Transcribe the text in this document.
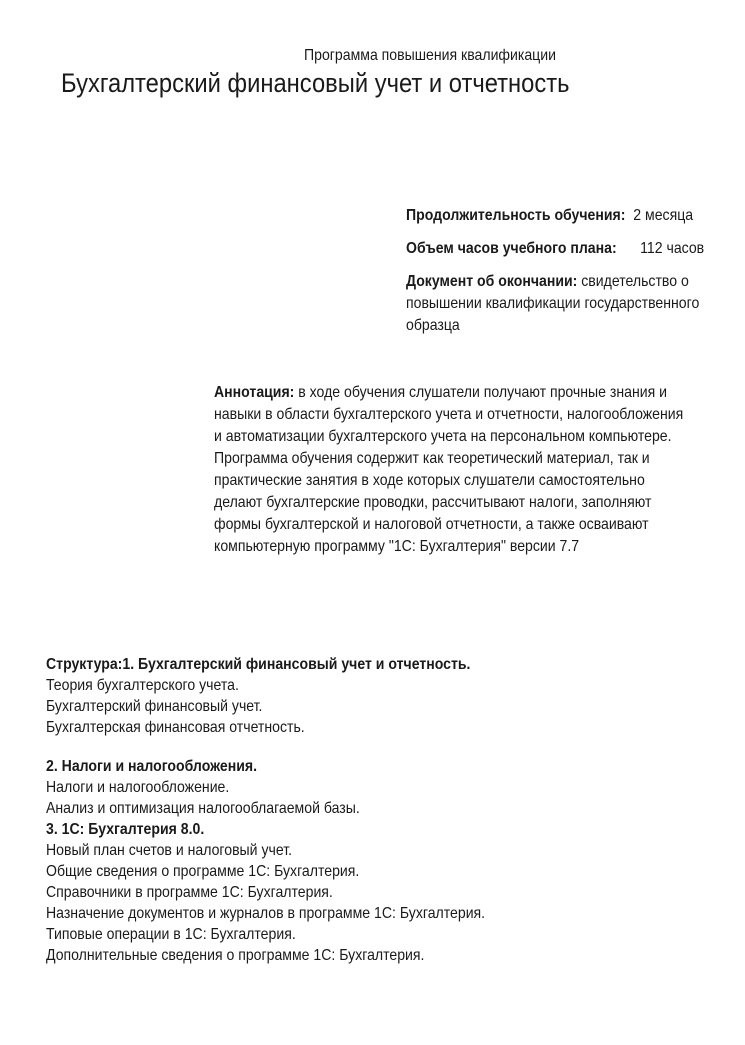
Программа повышения квалификации
Бухгалтерский финансовый учет и отчетность
Продолжительность обучения: 2 месяца
Объем часов учебного плана: 112 часов
Документ об окончании: свидетельство о
повышении квалификации государственного
образца
Аннотация: в ходе обучения слушатели получают прочные знания и
навыки в области бухгалтерского учета и отчетности, налогообложения
и автоматизации бухгалтерского учета на персональном компьютере.
Программа обучения содержит как теоретический материал, так и
практические занятия в ходе которых слушатели самостоятельно
делают бухгалтерские проводки, рассчитывают налоги, заполняют
формы бухгалтерской и налоговой отчетности, а также осваивают
компьютерную программу "1С: Бухгалтерия" версии 7.7
Структура:1. Бухгалтерский финансовый учет и отчетность.
Теория бухгалтерского учета.
Бухгалтерский финансовый учет.
Бухгалтерская финансовая отчетность.
2. Налоги и налогообложения.
Налоги и налогообложение.
Анализ и оптимизация налогооблагаемой базы.
3. 1С: Бухгалтерия 8.0.
Новый план счетов и налоговый учет.
Общие сведения о программе 1С: Бухгалтерия.
Справочники в программе 1С: Бухгалтерия.
Назначение документов и журналов в программе 1С: Бухгалтерия.
Типовые операции в 1С: Бухгалтерия.
Дополнительные сведения о программе 1С: Бухгалтерия.
